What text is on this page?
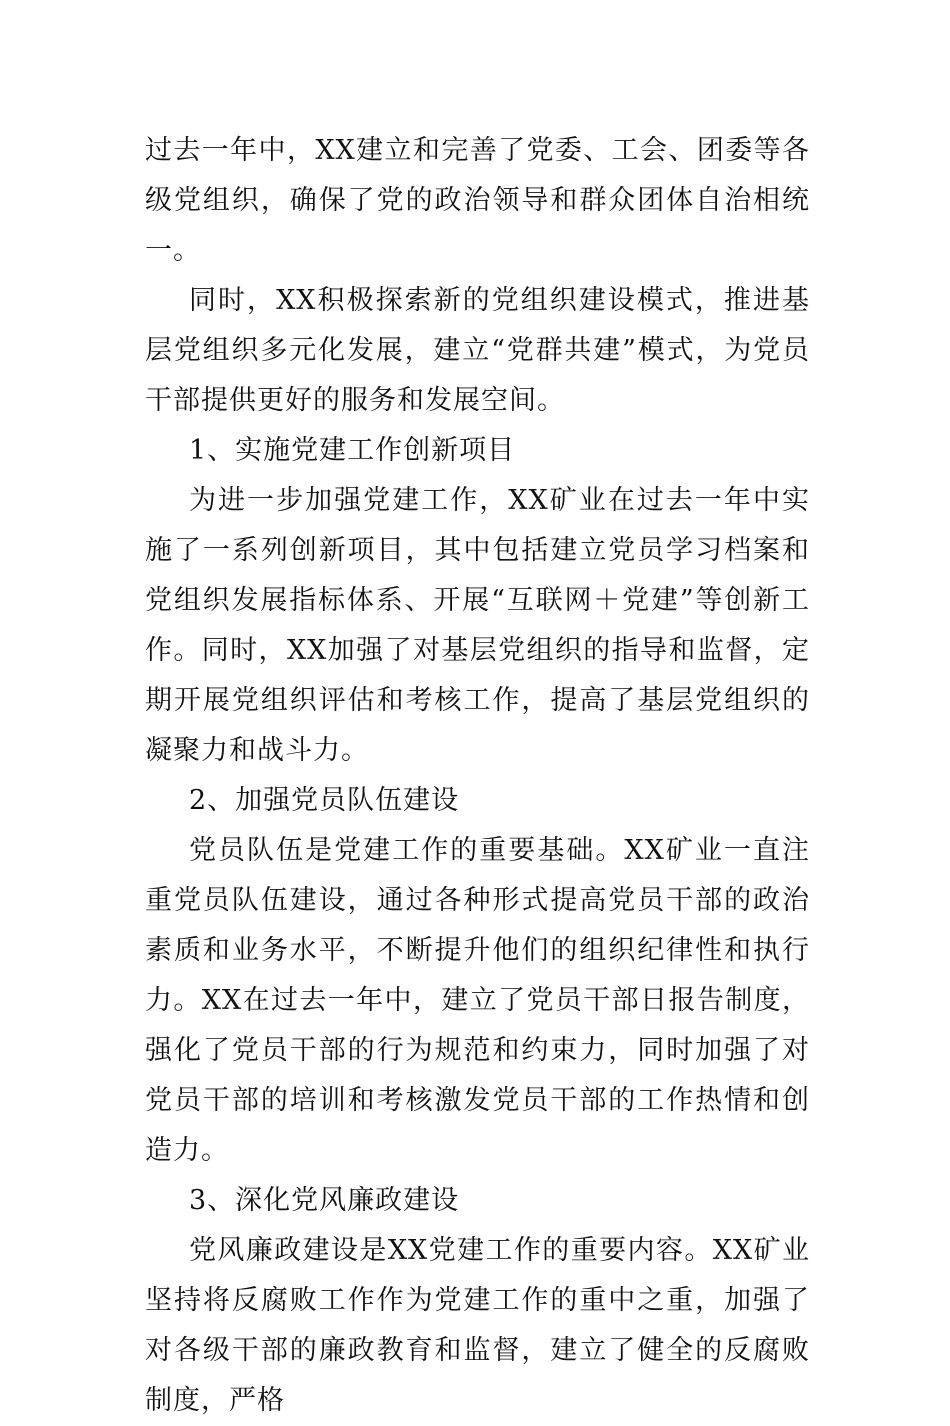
过去一年中，XX建立和完善了党委、工会、团委等各级党组织，确保了党的政治领导和群众团体自治相统一。

同时，XX积极探索新的党组织建设模式，推进基层党组织多元化发展，建立“党群共建”模式，为党员干部提供更好的服务和发展空间。

1、实施党建工作创新项目

为进一步加强党建工作，XX矿业在过去一年中实施了一系列创新项目，其中包括建立党员学习档案和党组织发展指标体系、开展“互联网＋党建”等创新工作。同时，XX加强了对基层党组织的指导和监督，定期开展党组织评估和考核工作，提高了基层党组织的凝聚力和战斗力。

2、加强党员队伍建设

党员队伍是党建工作的重要基础。XX矿业一直注重党员队伍建设，通过各种形式提高党员干部的政治素质和业务水平，不断提升他们的组织纪律性和执行力。XX在过去一年中，建立了党员干部日报告制度，强化了党员干部的行为规范和约束力，同时加强了对党员干部的培训和考核激发党员干部的工作热情和创造力。

3、深化党风廉政建设

党风廉政建设是XX党建工作的重要内容。XX矿业坚持将反腐败工作作为党建工作的重中之重，加强了对各级干部的廉政教育和监督，建立了健全的反腐败制度，严格
